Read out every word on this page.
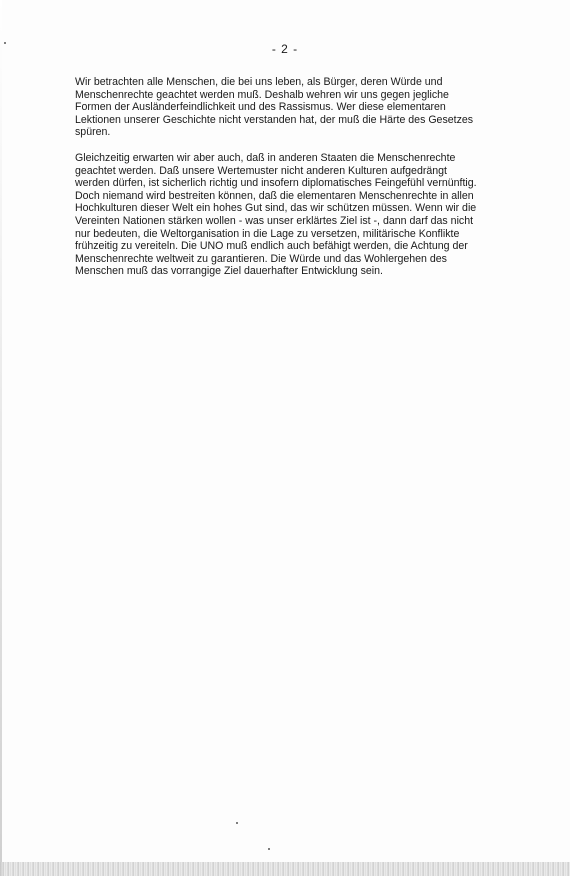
- 2 -

Wir betrachten alle Menschen, die bei uns leben, als Bürger, deren Würde und
Menschenrechte geachtet werden muß. Deshalb wehren wir uns gegen jegliche
Formen der Ausländerfeindlichkeit und des Rassismus. Wer diese elementaren
Lektionen unserer Geschichte nicht verstanden hat, der muß die Härte des Gesetzes
spüren.

Gleichzeitig erwarten wir aber auch, daß in anderen Staaten die Menschenrechte
geachtet werden. Daß unsere Wertemuster nicht anderen Kulturen aufgedrängt
werden dürfen, ist sicherlich richtig und insofern diplomatisches Feingefühl vernünftig.
Doch niemand wird bestreiten können, daß die elementaren Menschenrechte in allen
Hochkulturen dieser Welt ein hohes Gut sind, das wir schützen müssen. Wenn wir die
Vereinten Nationen stärken wollen - was unser erklärtes Ziel ist -, dann darf das nicht
nur bedeuten, die Weltorganisation in die Lage zu versetzen, militärische Konflikte
frühzeitig zu vereiteln. Die UNO muß endlich auch befähigt werden, die Achtung der
Menschenrechte weltweit zu garantieren. Die Würde und das Wohlergehen des
Menschen muß das vorrangige Ziel dauerhafter Entwicklung sein.
